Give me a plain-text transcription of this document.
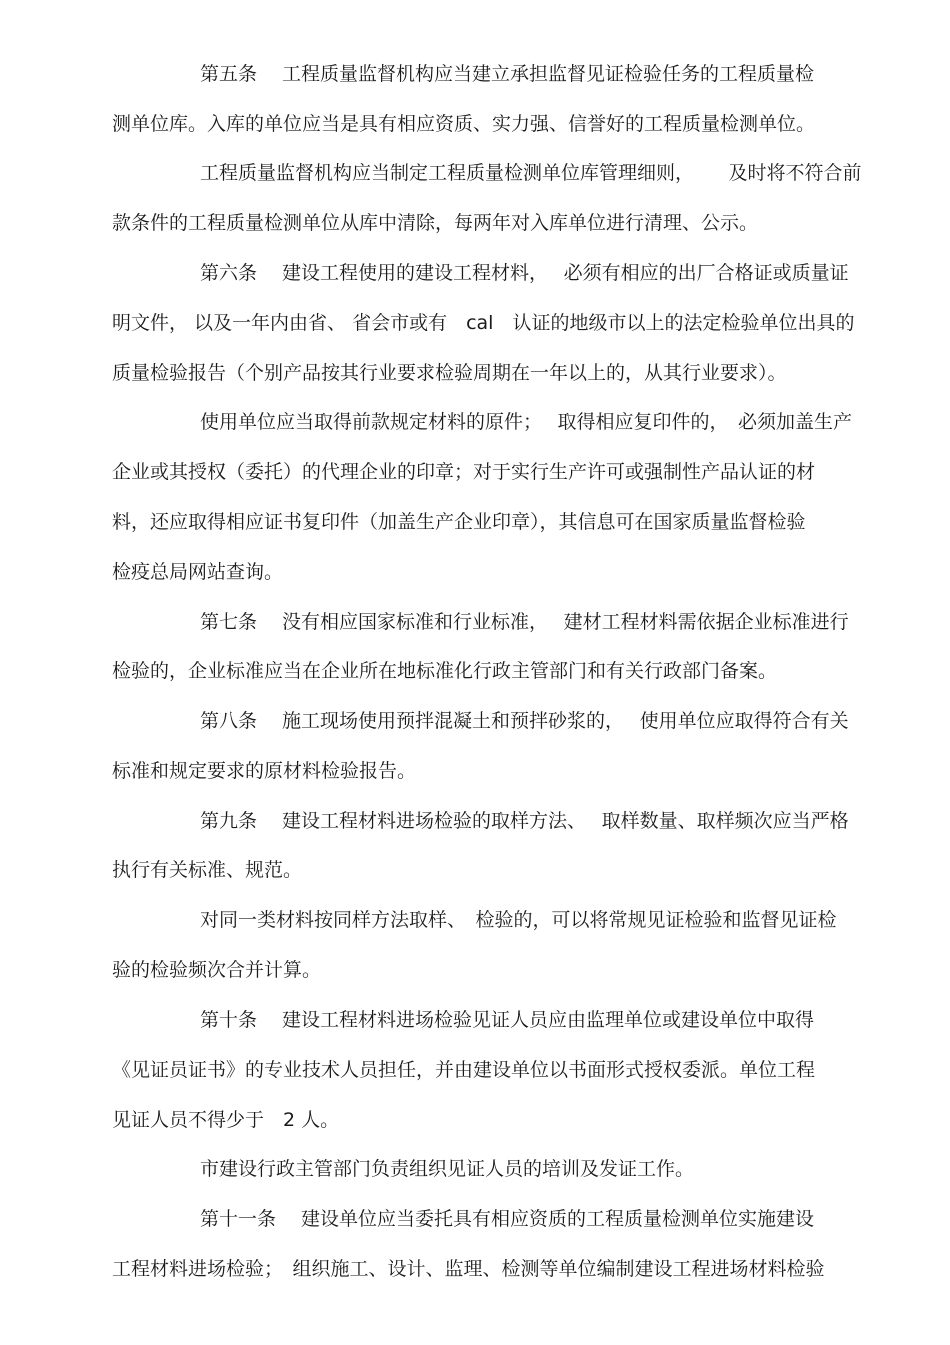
第五条　 工程质量监督机构应当建立承担监督见证检验任务的工程质量检
测单位库。入库的单位应当是具有相应资质、实力强、信誉好的工程质量检测单位。
工程质量监督机构应当制定工程质量检测单位库管理细则，　　 及时将不符合前
款条件的工程质量检测单位从库中清除，每两年对入库单位进行清理、公示。
第六条　 建设工程使用的建设工程材料，　 必须有相应的出厂合格证或质量证
明文件， 以及一年内由省、 省会市或有　cal　认证的地级市以上的法定检验单位出具的
质量检验报告（个别产品按其行业要求检验周期在一年以上的，从其行业要求）。
使用单位应当取得前款规定材料的原件；　 取得相应复印件的，　必须加盖生产
企业或其授权（委托）的代理企业的印章；对于实行生产许可或强制性产品认证的材
料，还应取得相应证书复印件（加盖生产企业印章），其信息可在国家质量监督检验
检疫总局网站查询。
第七条　 没有相应国家标准和行业标准，　 建材工程材料需依据企业标准进行
检验的，企业标准应当在企业所在地标准化行政主管部门和有关行政部门备案。
第八条　 施工现场使用预拌混凝土和预拌砂浆的，　 使用单位应取得符合有关
标准和规定要求的原材料检验报告。
第九条　 建设工程材料进场检验的取样方法、　 取样数量、取样频次应当严格
执行有关标准、规范。
对同一类材料按同样方法取样、　检验的，可以将常规见证检验和监督见证检
验的检验频次合并计算。
第十条　 建设工程材料进场检验见证人员应由监理单位或建设单位中取得
《见证员证书》的专业技术人员担任，并由建设单位以书面形式授权委派。单位工程
见证人员不得少于　2 人。
市建设行政主管部门负责组织见证人员的培训及发证工作。
第十一条　 建设单位应当委托具有相应资质的工程质量检测单位实施建设
工程材料进场检验；　组织施工、设计、监理、检测等单位编制建设工程进场材料检验
